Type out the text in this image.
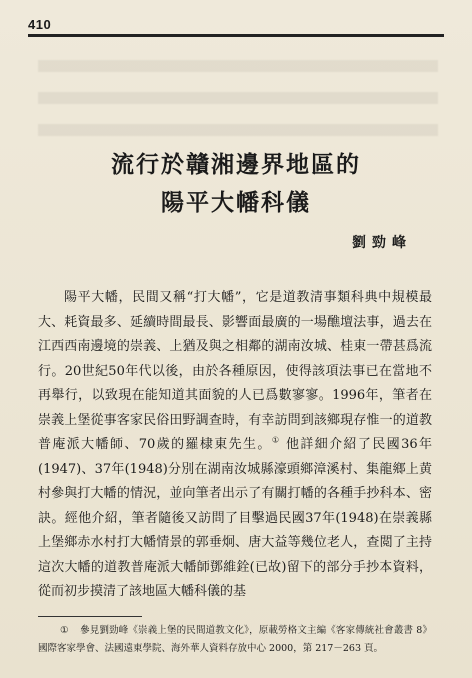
410
流行於贛湘邊界地區的
陽平大幡科儀
劉勁峰

陽平大幡，民間又稱“打大幡”，它是道教清事類科典中規模最大、耗資最多、延續時間最長、影響面最廣的一場醮壇法事，過去在江西西南邊境的崇義、上猶及與之相鄰的湖南汝城、桂東一帶甚爲流行。20世紀50年代以後，由於各種原因，使得該項法事已在當地不再舉行，以致現在能知道其面貌的人已爲數寥寥。1996年，筆者在崇義上堡從事客家民俗田野調查時，有幸訪問到該鄉現存惟一的道教普庵派大幡師、70歲的羅棣東先生。① 他詳細介紹了民國36年(1947)、37年(1948)分別在湖南汝城縣濠頭鄉漳溪村、集龍鄉上黄村參與打大幡的情況，並向筆者出示了有關打幡的各種手抄科本、密訣。經他介紹，筆者隨後又訪問了目擊過民國37年(1948)在崇義縣上堡鄉赤水村打大幡情景的郭垂炯、唐大益等幾位老人，查閲了主持這次大幡的道教普庵派大幡師鄧維銓(已故)留下的部分手抄本資料，從而初步摸清了該地區大幡科儀的基

① 參見劉勁峰《崇義上堡的民間道教文化》，原載勞格文主編《客家傳統社會叢書 8》國際客家學會、法國遠東學院、海外華人資料存放中心 2000，第 217－263 頁。
